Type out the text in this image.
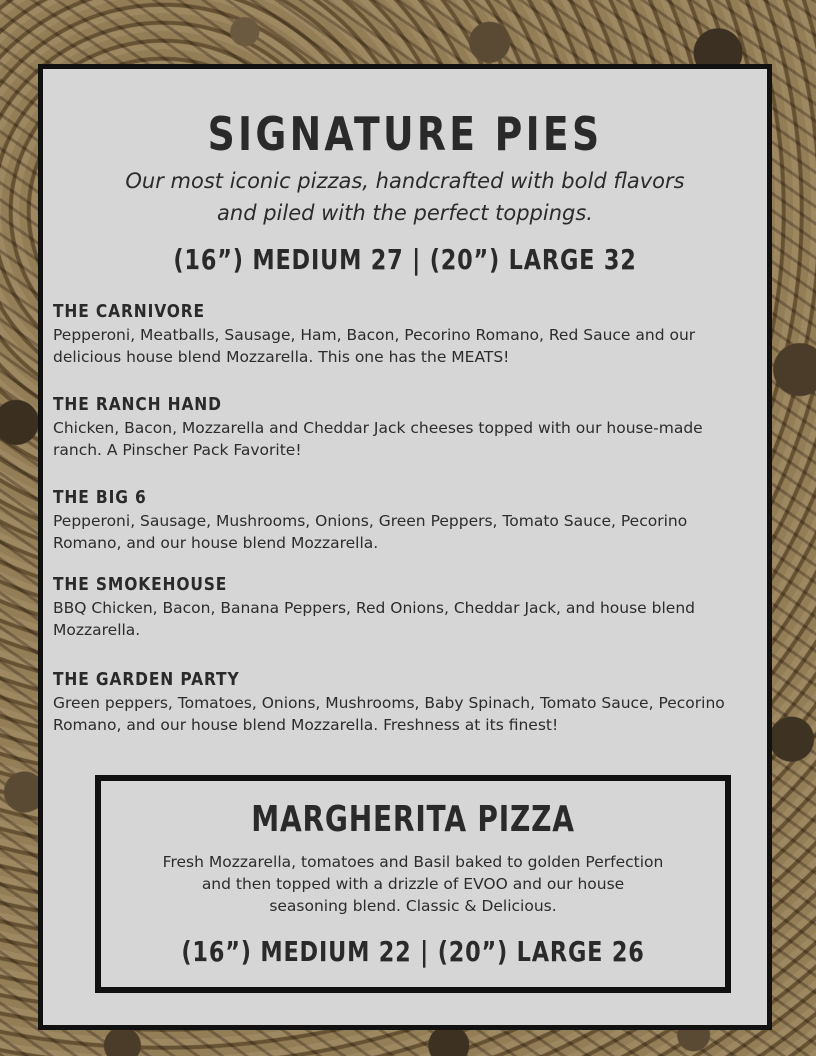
SIGNATURE PIES
Our most iconic pizzas, handcrafted with bold flavors and piled with the perfect toppings.
(16”) MEDIUM 27 | (20”) LARGE 32
THE CARNIVORE
Pepperoni, Meatballs, Sausage, Ham, Bacon, Pecorino Romano, Red Sauce and our delicious house blend Mozzarella. This one has the MEATS!
THE RANCH HAND
Chicken, Bacon, Mozzarella and Cheddar Jack cheeses topped with our house-made ranch. A Pinscher Pack Favorite!
THE BIG 6
Pepperoni, Sausage, Mushrooms, Onions, Green Peppers, Tomato Sauce, Pecorino Romano, and our house blend Mozzarella.
THE SMOKEHOUSE
BBQ Chicken, Bacon, Banana Peppers, Red Onions, Cheddar Jack, and house blend Mozzarella.
THE GARDEN PARTY
Green peppers, Tomatoes, Onions, Mushrooms, Baby Spinach, Tomato Sauce, Pecorino Romano, and our house blend Mozzarella. Freshness at its finest!
MARGHERITA PIZZA
Fresh Mozzarella, tomatoes and Basil baked to golden Perfection and then topped with a drizzle of EVOO and our house seasoning blend. Classic & Delicious.
(16”) MEDIUM 22 | (20”) LARGE 26
